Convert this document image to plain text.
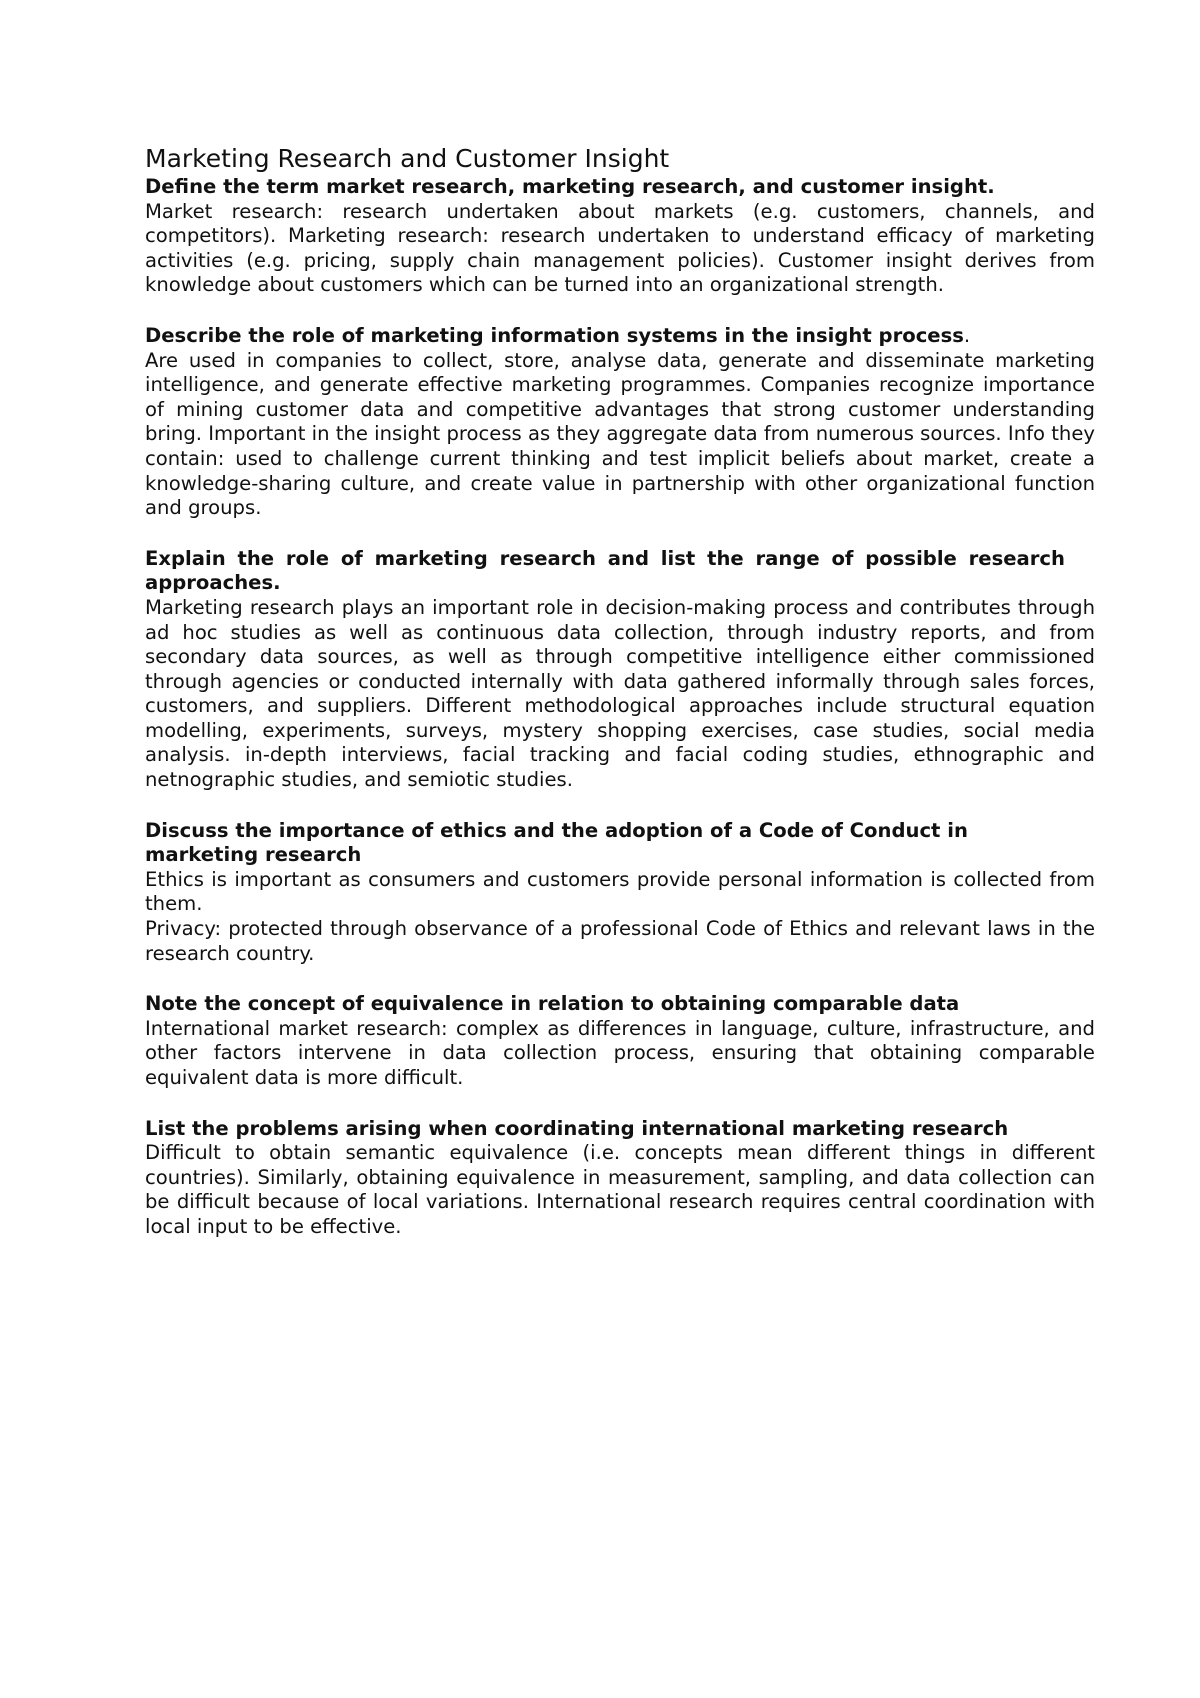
Marketing Research and Customer Insight

Define the term market research, marketing research, and customer insight.

Market research: research undertaken about markets (e.g. customers, channels, and competitors). Marketing research: research undertaken to understand efficacy of marketing activities (e.g. pricing, supply chain management policies). Customer insight derives from knowledge about customers which can be turned into an organizational strength.

Describe the role of marketing information systems in the insight process.

Are used in companies to collect, store, analyse data, generate and disseminate marketing intelligence, and generate effective marketing programmes. Companies recognize importance of mining customer data and competitive advantages that strong customer understanding bring. Important in the insight process as they aggregate data from numerous sources. Info they contain: used to challenge current thinking and test implicit beliefs about market, create a knowledge-sharing culture, and create value in partnership with other organizational function and groups.

Explain the role of marketing research and list the range of possible research approaches.

Marketing research plays an important role in decision-making process and contributes through ad hoc studies as well as continuous data collection, through industry reports, and from secondary data sources, as well as through competitive intelligence either commissioned through agencies or conducted internally with data gathered informally through sales forces, customers, and suppliers. Different methodological approaches include structural equation modelling, experiments, surveys, mystery shopping exercises, case studies, social media analysis. in-depth interviews, facial tracking and facial coding studies, ethnographic and netnographic studies, and semiotic studies.

Discuss the importance of ethics and the adoption of a Code of Conduct in marketing research

Ethics is important as consumers and customers provide personal information is collected from them.

Privacy: protected through observance of a professional Code of Ethics and relevant laws in the research country.

Note the concept of equivalence in relation to obtaining comparable data

International market research: complex as differences in language, culture, infrastructure, and other factors intervene in data collection process, ensuring that obtaining comparable equivalent data is more difficult.

List the problems arising when coordinating international marketing research

Difficult to obtain semantic equivalence (i.e. concepts mean different things in different countries). Similarly, obtaining equivalence in measurement, sampling, and data collection can be difficult because of local variations. International research requires central coordination with local input to be effective.
